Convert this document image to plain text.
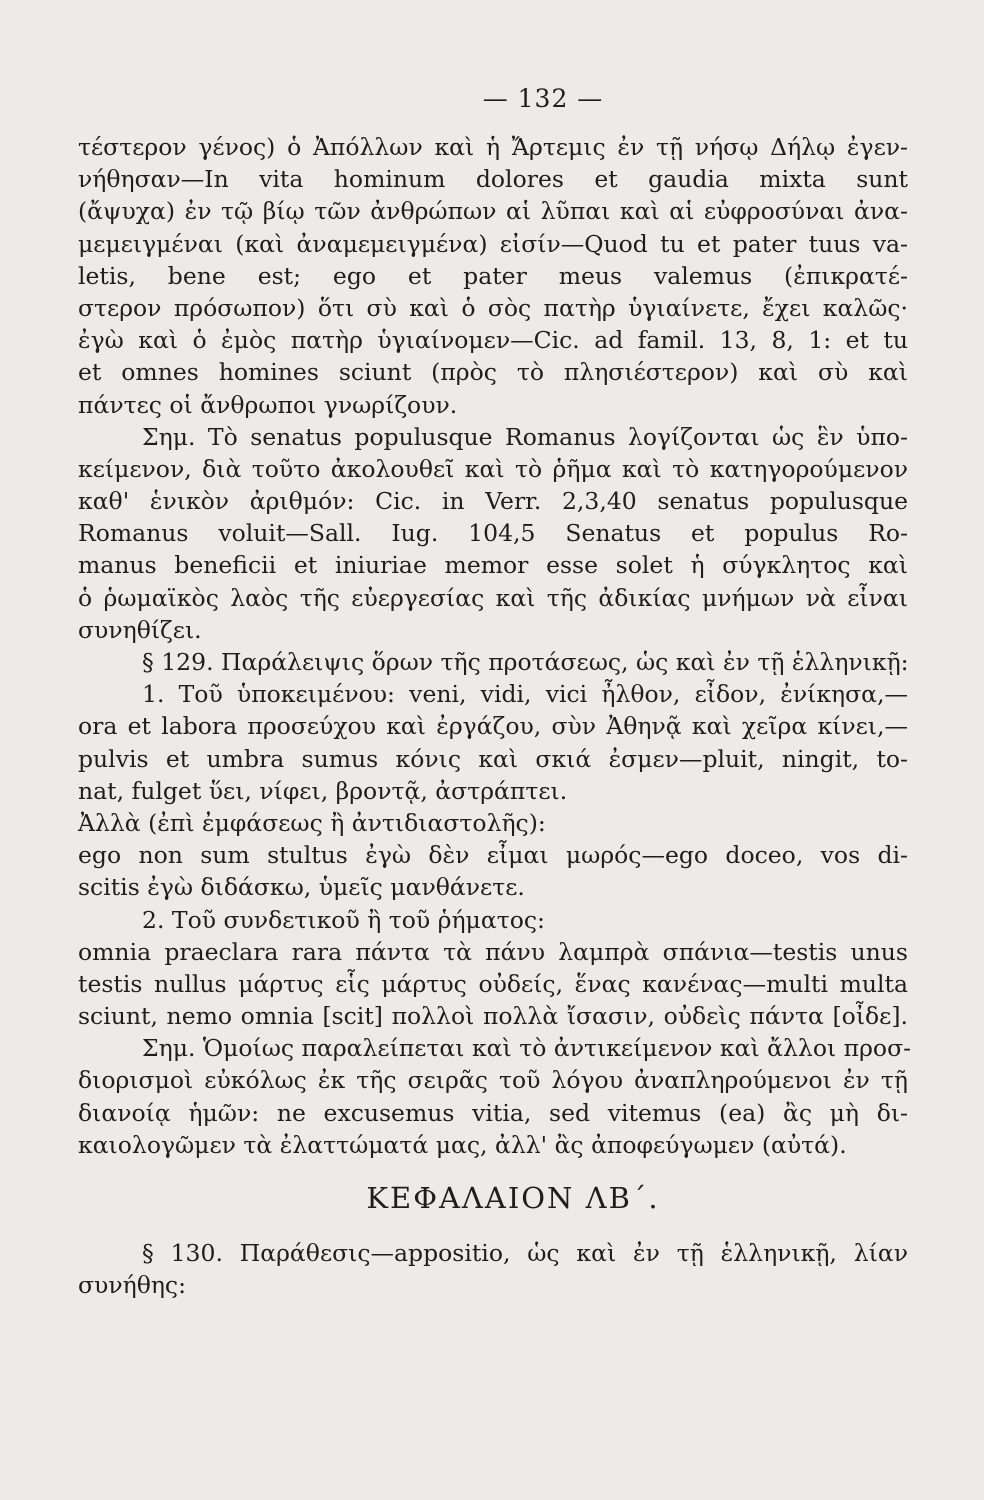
— 132 —
τέστερον γένος) ὁ Ἀπόλλων καὶ ἡ Ἄρτεμις ἐν τῇ νήσῳ Δήλῳ ἐγεν-
νήθησαν—In vita hominum dolores et gaudia mixta sunt
(ἄψυχα) ἐν τῷ βίῳ τῶν ἀνθρώπων αἱ λῦπαι καὶ αἱ εὐφροσύναι ἀνα-
μεμειγμέναι (καὶ ἀναμεμειγμένα) εἰσίν—Quod tu et pater tuus va-
letis, bene est; ego et pater meus valemus (ἐπικρατέ-
στερον πρόσωπον) ὅτι σὺ καὶ ὁ σὸς πατὴρ ὑγιαίνετε, ἔχει καλῶς·
ἐγὼ καὶ ὁ ἐμὸς πατὴρ ὑγιαίνομεν—Cic. ad famil. 13, 8, 1: et tu
et omnes homines sciunt (πρὸς τὸ πλησιέστερον) καὶ σὺ καὶ
πάντες οἱ ἄνθρωποι γνωρίζουν.
Σημ. Τὸ senatus populusque Romanus λογίζονται ὡς ἓν ὑπο-
κείμενον, διὰ τοῦτο ἀκολουθεῖ καὶ τὸ ῥῆμα καὶ τὸ κατηγορούμενον
καθ' ἑνικὸν ἀριθμόν: Cic. in Verr. 2,3,40 senatus populusque
Romanus voluit—Sall. Iug. 104,5 Senatus et populus Ro-
manus beneficii et iniuriae memor esse solet ἡ σύγκλητος καὶ
ὁ ῥωμαϊκὸς λαὸς τῆς εὐεργεσίας καὶ τῆς ἀδικίας μνήμων νὰ εἶναι
συνηθίζει.
§ 129. Παράλειψις ὅρων τῆς προτάσεως, ὡς καὶ ἐν τῇ ἑλληνικῇ:
1. Τοῦ ὑποκειμένου: veni, vidi, vici ἦλθον, εἶδον, ἐνίκησα,—
ora et labora προσεύχου καὶ ἐργάζου, σὺν Ἀθηνᾷ καὶ χεῖρα κίνει,—
pulvis et umbra sumus κόνις καὶ σκιά ἐσμεν—pluit, ningit, to-
nat, fulget ὕει, νίφει, βροντᾷ, ἀστράπτει.
Ἀλλὰ (ἐπὶ ἐμφάσεως ἢ ἀντιδιαστολῆς):
ego non sum stultus ἐγὼ δὲν εἶμαι μωρός—ego doceo, vos di-
scitis ἐγὼ διδάσκω, ὑμεῖς μανθάνετε.
2. Τοῦ συνδετικοῦ ἢ τοῦ ῥήματος:
omnia praeclara rara πάντα τὰ πάνυ λαμπρὰ σπάνια—testis unus
testis nullus μάρτυς εἷς μάρτυς οὐδείς, ἕνας κανένας—multi multa
sciunt, nemo omnia [scit] πολλοὶ πολλὰ ἴσασιν, οὐδεὶς πάντα [οἶδε].
Σημ. Ὁμοίως παραλείπεται καὶ τὸ ἀντικείμενον καὶ ἄλλοι προσ-
διορισμοὶ εὐκόλως ἐκ τῆς σειρᾶς τοῦ λόγου ἀναπληρούμενοι ἐν τῇ
διανοίᾳ ἡμῶν: ne excusemus vitia, sed vitemus (ea) ἂς μὴ δι-
καιολογῶμεν τὰ ἐλαττώματά μας, ἀλλ' ἂς ἀποφεύγωμεν (αὐτά).
ΚΕΦΑΛΑΙΟΝ ΛΒ΄.
§ 130. Παράθεσις—appositio, ὡς καὶ ἐν τῇ ἑλληνικῇ, λίαν
συνήθης:
